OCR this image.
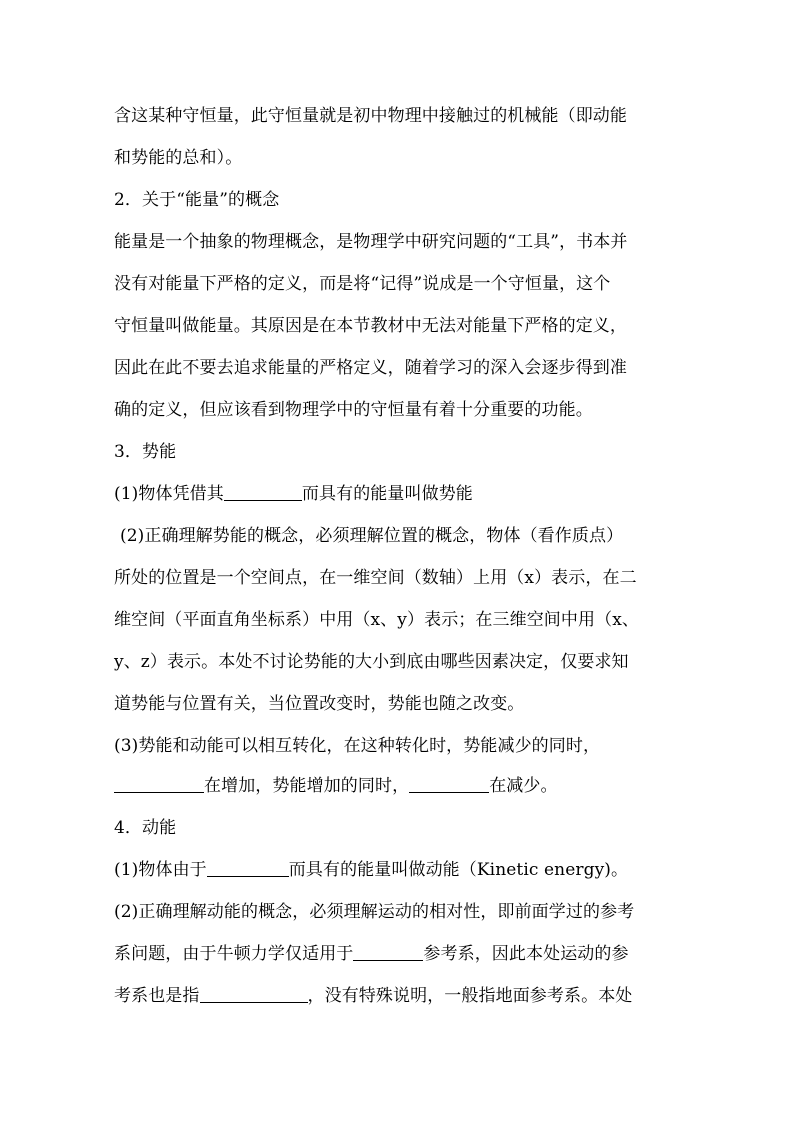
含这某种守恒量，此守恒量就是初中物理中接触过的机械能（即动能
和势能的总和）。
2．关于“能量”的概念
能量是一个抽象的物理概念，是物理学中研究问题的“工具”，书本并
没有对能量下严格的定义，而是将“记得”说成是一个守恒量，这个
守恒量叫做能量。其原因是在本节教材中无法对能量下严格的定义，
因此在此不要去追求能量的严格定义，随着学习的深入会逐步得到准
确的定义，但应该看到物理学中的守恒量有着十分重要的功能。
3．势能
(1)物体凭借其	而具有的能量叫做势能
(2)正确理解势能的概念，必须理解位置的概念，物体（看作质点）
所处的位置是一个空间点，在一维空间（数轴）上用（x）表示，在二
维空间（平面直角坐标系）中用（x、y）表示；在三维空间中用（x、
y、z）表示。本处不讨论势能的大小到底由哪些因素决定，仅要求知
道势能与位置有关，当位置改变时，势能也随之改变。
(3)势能和动能可以相互转化，在这种转化时，势能减少的同时，
在增加，势能增加的同时，	在减少。
4．动能
(1)物体由于	而具有的能量叫做动能（Kinetic energy)。
(2)正确理解动能的概念，必须理解运动的相对性，即前面学过的参考
系问题，由于牛顿力学仅适用于	参考系，因此本处运动的参
考系也是指	，没有特殊说明，一般指地面参考系。本处
